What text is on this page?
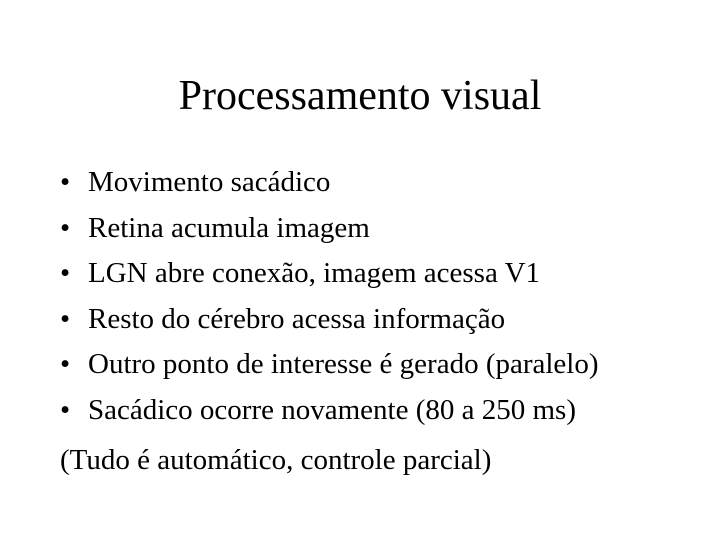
Processamento visual
• Movimento sacádico
• Retina acumula imagem
• LGN abre conexão, imagem acessa V1
• Resto do cérebro acessa informação
• Outro ponto de interesse é gerado (paralelo)
• Sacádico ocorre novamente (80 a 250 ms)
(Tudo é automático, controle parcial)
